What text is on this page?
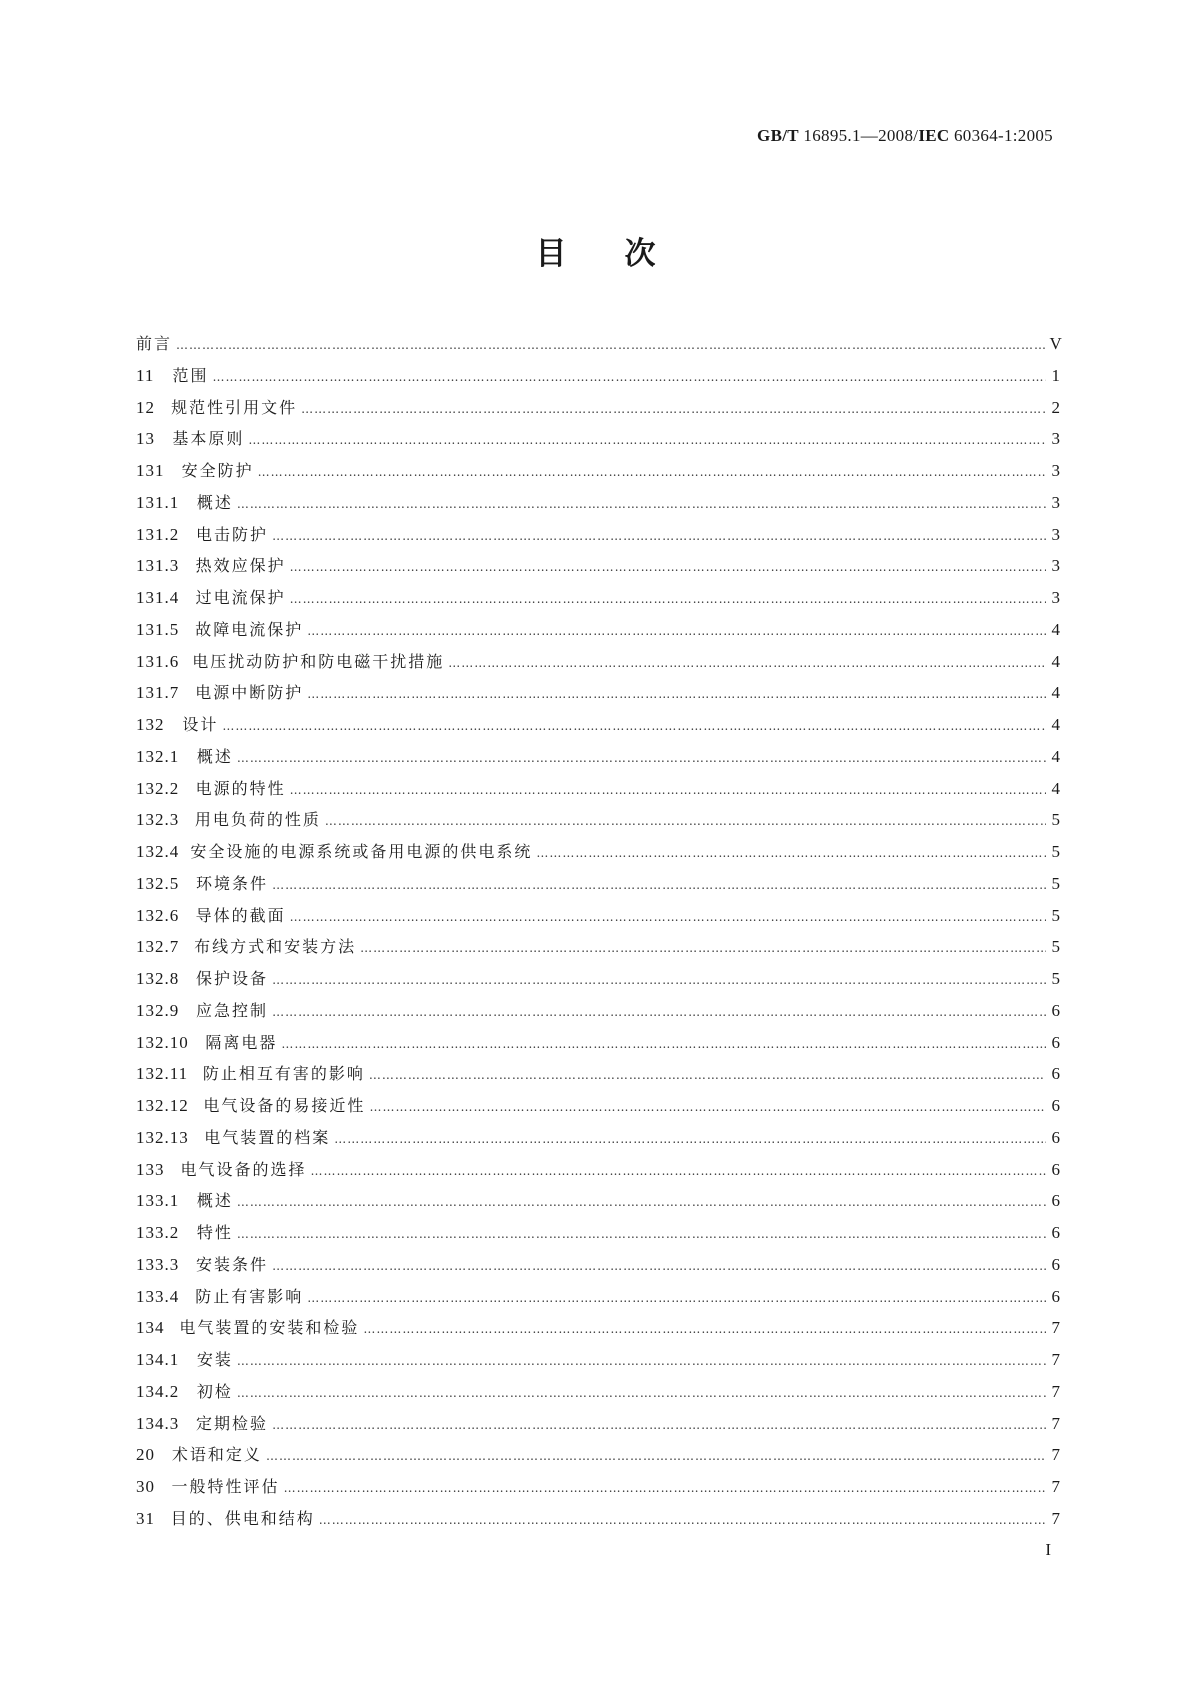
GB/T 16895.1—2008/IEC 60364-1:2005
目次
前言 ………………………………………………………………………………………………………………………………………………………………………………………………………………	V
11 范围 ………………………………………………………………………………………………………………………………………………………………………………………………………………	1
12 规范性引用文件 ………………………………………………………………………………………………………………………………………………………………………………………………………………	2
13 基本原则 ………………………………………………………………………………………………………………………………………………………………………………………………………………	3
131 安全防护 ………………………………………………………………………………………………………………………………………………………………………………………………………………	3
131.1 概述 ………………………………………………………………………………………………………………………………………………………………………………………………………………	3
131.2 电击防护 ………………………………………………………………………………………………………………………………………………………………………………………………………………	3
131.3 热效应保护 ………………………………………………………………………………………………………………………………………………………………………………………………………………	3
131.4 过电流保护 ………………………………………………………………………………………………………………………………………………………………………………………………………………	3
131.5 故障电流保护 ………………………………………………………………………………………………………………………………………………………………………………………………………………	4
131.6 电压扰动防护和防电磁干扰措施 ………………………………………………………………………………………………………………………………………………………………………………………………………………	4
131.7 电源中断防护 ………………………………………………………………………………………………………………………………………………………………………………………………………………	4
132 设计 ………………………………………………………………………………………………………………………………………………………………………………………………………………	4
132.1 概述 ………………………………………………………………………………………………………………………………………………………………………………………………………………	4
132.2 电源的特性 ………………………………………………………………………………………………………………………………………………………………………………………………………………	4
132.3 用电负荷的性质 ………………………………………………………………………………………………………………………………………………………………………………………………………………	5
132.4 安全设施的电源系统或备用电源的供电系统 ………………………………………………………………………………………………………………………………………………………………………………………………………………	5
132.5 环境条件 ………………………………………………………………………………………………………………………………………………………………………………………………………………	5
132.6 导体的截面 ………………………………………………………………………………………………………………………………………………………………………………………………………………	5
132.7 布线方式和安装方法 ………………………………………………………………………………………………………………………………………………………………………………………………………………	5
132.8 保护设备 ………………………………………………………………………………………………………………………………………………………………………………………………………………	5
132.9 应急控制 ………………………………………………………………………………………………………………………………………………………………………………………………………………	6
132.10 隔离电器 ………………………………………………………………………………………………………………………………………………………………………………………………………………	6
132.11 防止相互有害的影响 ………………………………………………………………………………………………………………………………………………………………………………………………………………	6
132.12 电气设备的易接近性 ………………………………………………………………………………………………………………………………………………………………………………………………………………	6
132.13 电气装置的档案 ………………………………………………………………………………………………………………………………………………………………………………………………………………	6
133 电气设备的选择 ………………………………………………………………………………………………………………………………………………………………………………………………………………	6
133.1 概述 ………………………………………………………………………………………………………………………………………………………………………………………………………………	6
133.2 特性 ………………………………………………………………………………………………………………………………………………………………………………………………………………	6
133.3 安装条件 ………………………………………………………………………………………………………………………………………………………………………………………………………………	6
133.4 防止有害影响 ………………………………………………………………………………………………………………………………………………………………………………………………………………	6
134 电气装置的安装和检验 ………………………………………………………………………………………………………………………………………………………………………………………………………………	7
134.1 安装 ………………………………………………………………………………………………………………………………………………………………………………………………………………	7
134.2 初检 ………………………………………………………………………………………………………………………………………………………………………………………………………………	7
134.3 定期检验 ………………………………………………………………………………………………………………………………………………………………………………………………………………	7
20 术语和定义 ………………………………………………………………………………………………………………………………………………………………………………………………………………	7
30 一般特性评估 ………………………………………………………………………………………………………………………………………………………………………………………………………………	7
31 目的、供电和结构 ………………………………………………………………………………………………………………………………………………………………………………………………………………	7
I
